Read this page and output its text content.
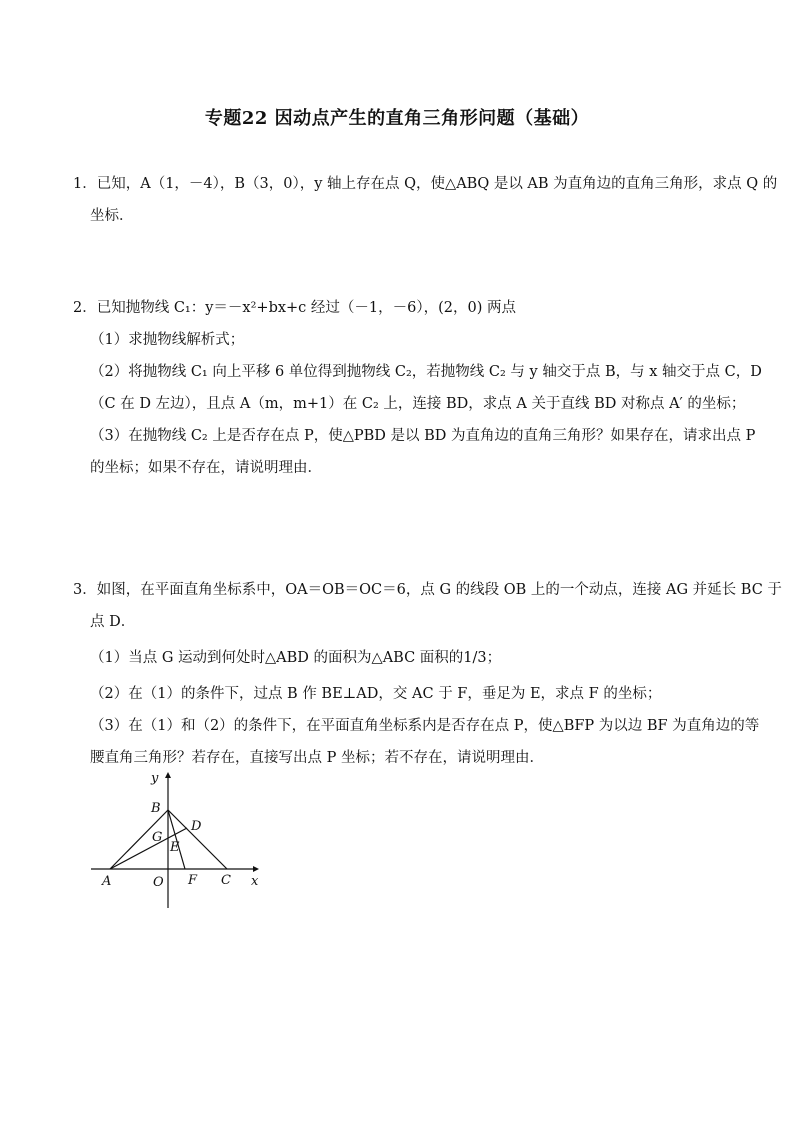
专题22 因动点产生的直角三角形问题（基础）
1．已知，A（1，－4），B（3，0），y 轴上存在点 Q，使△ABQ 是以 AB 为直角边的直角三角形，求点 Q 的
坐标．
2．已知抛物线 C₁：y＝－x²+bx+c 经过（－1，－6），(2，0) 两点
（1）求抛物线解析式；
（2）将抛物线 C₁ 向上平移 6 单位得到抛物线 C₂，若抛物线 C₂ 与 y 轴交于点 B，与 x 轴交于点 C，D
（C 在 D 左边），且点 A（m，m+1）在 C₂ 上，连接 BD，求点 A 关于直线 BD 对称点 A′ 的坐标；
（3）在抛物线 C₂ 上是否存在点 P，使△PBD 是以 BD 为直角边的直角三角形？如果存在，请求出点 P
的坐标；如果不存在，请说明理由．
3．如图，在平面直角坐标系中，OA＝OB＝OC＝6，点 G 的线段 OB 上的一个动点，连接 AG 并延长 BC 于
点 D．
（1）当点 G 运动到何处时△ABD 的面积为△ABC 面积的1/3；
（2）在（1）的条件下，过点 B 作 BE⊥AD，交 AC 于 F，垂足为 E，求点 F 的坐标；
（3）在（1）和（2）的条件下，在平面直角坐标系内是否存在点 P，使△BFP 为以边 BF 为直角边的等
腰直角三角形？若存在，直接写出点 P 坐标；若不存在，请说明理由．
y
B
D
G
E
A	O F C x
